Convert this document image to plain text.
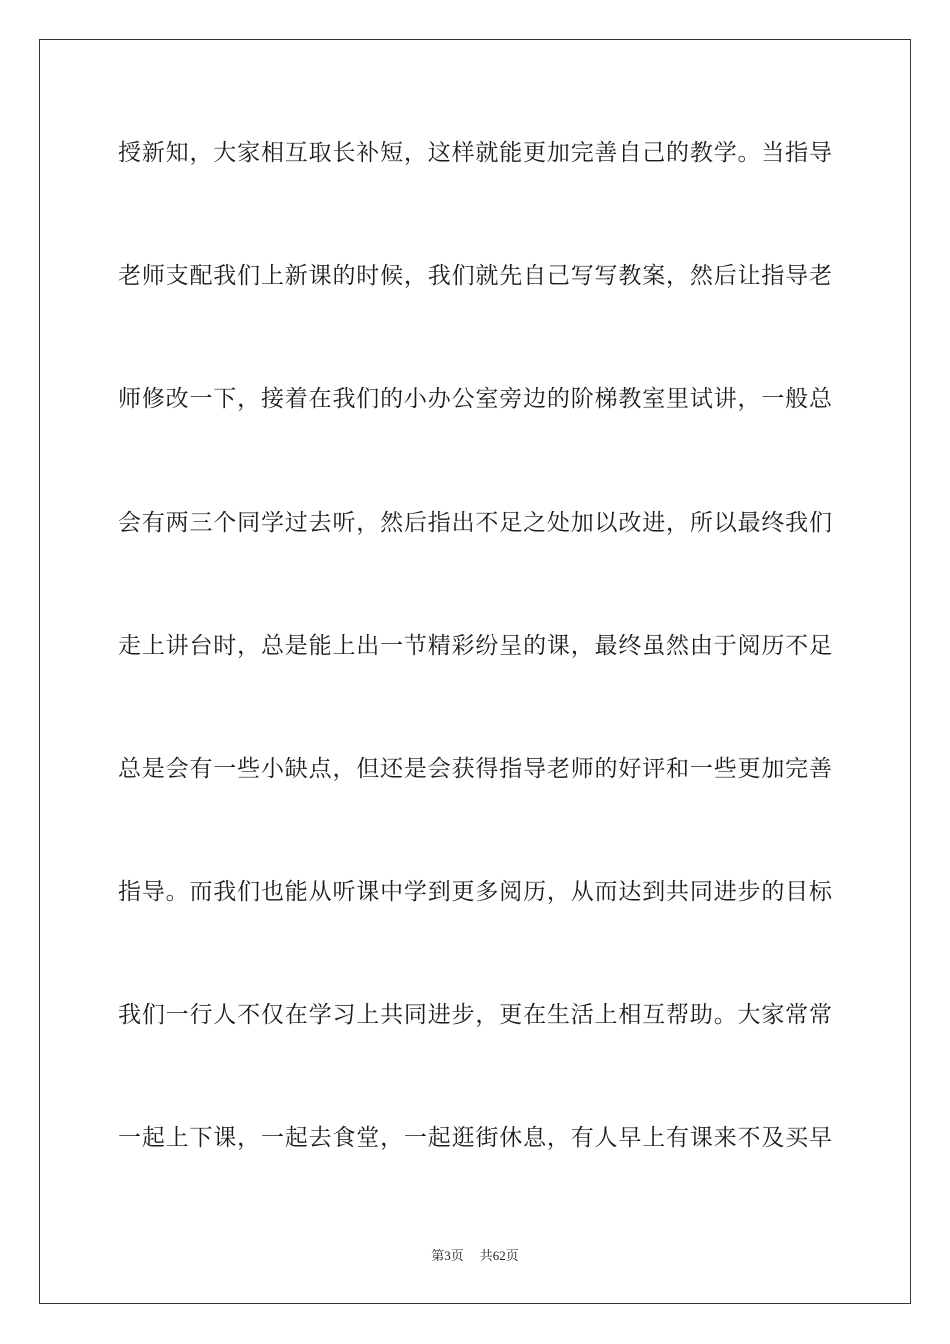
授新知，大家相互取长补短，这样就能更加完善自己的教学。当指导
老师支配我们上新课的时候，我们就先自己写写教案，然后让指导老
师修改一下，接着在我们的小办公室旁边的阶梯教室里试讲，一般总
会有两三个同学过去听，然后指出不足之处加以改进，所以最终我们
走上讲台时，总是能上出一节精彩纷呈的课，最终虽然由于阅历不足
总是会有一些小缺点，但还是会获得指导老师的好评和一些更加完善
指导。而我们也能从听课中学到更多阅历，从而达到共同进步的目标
我们一行人不仅在学习上共同进步，更在生活上相互帮助。大家常常
一起上下课，一起去食堂，一起逛街休息，有人早上有课来不及买早
第3页 共62页
